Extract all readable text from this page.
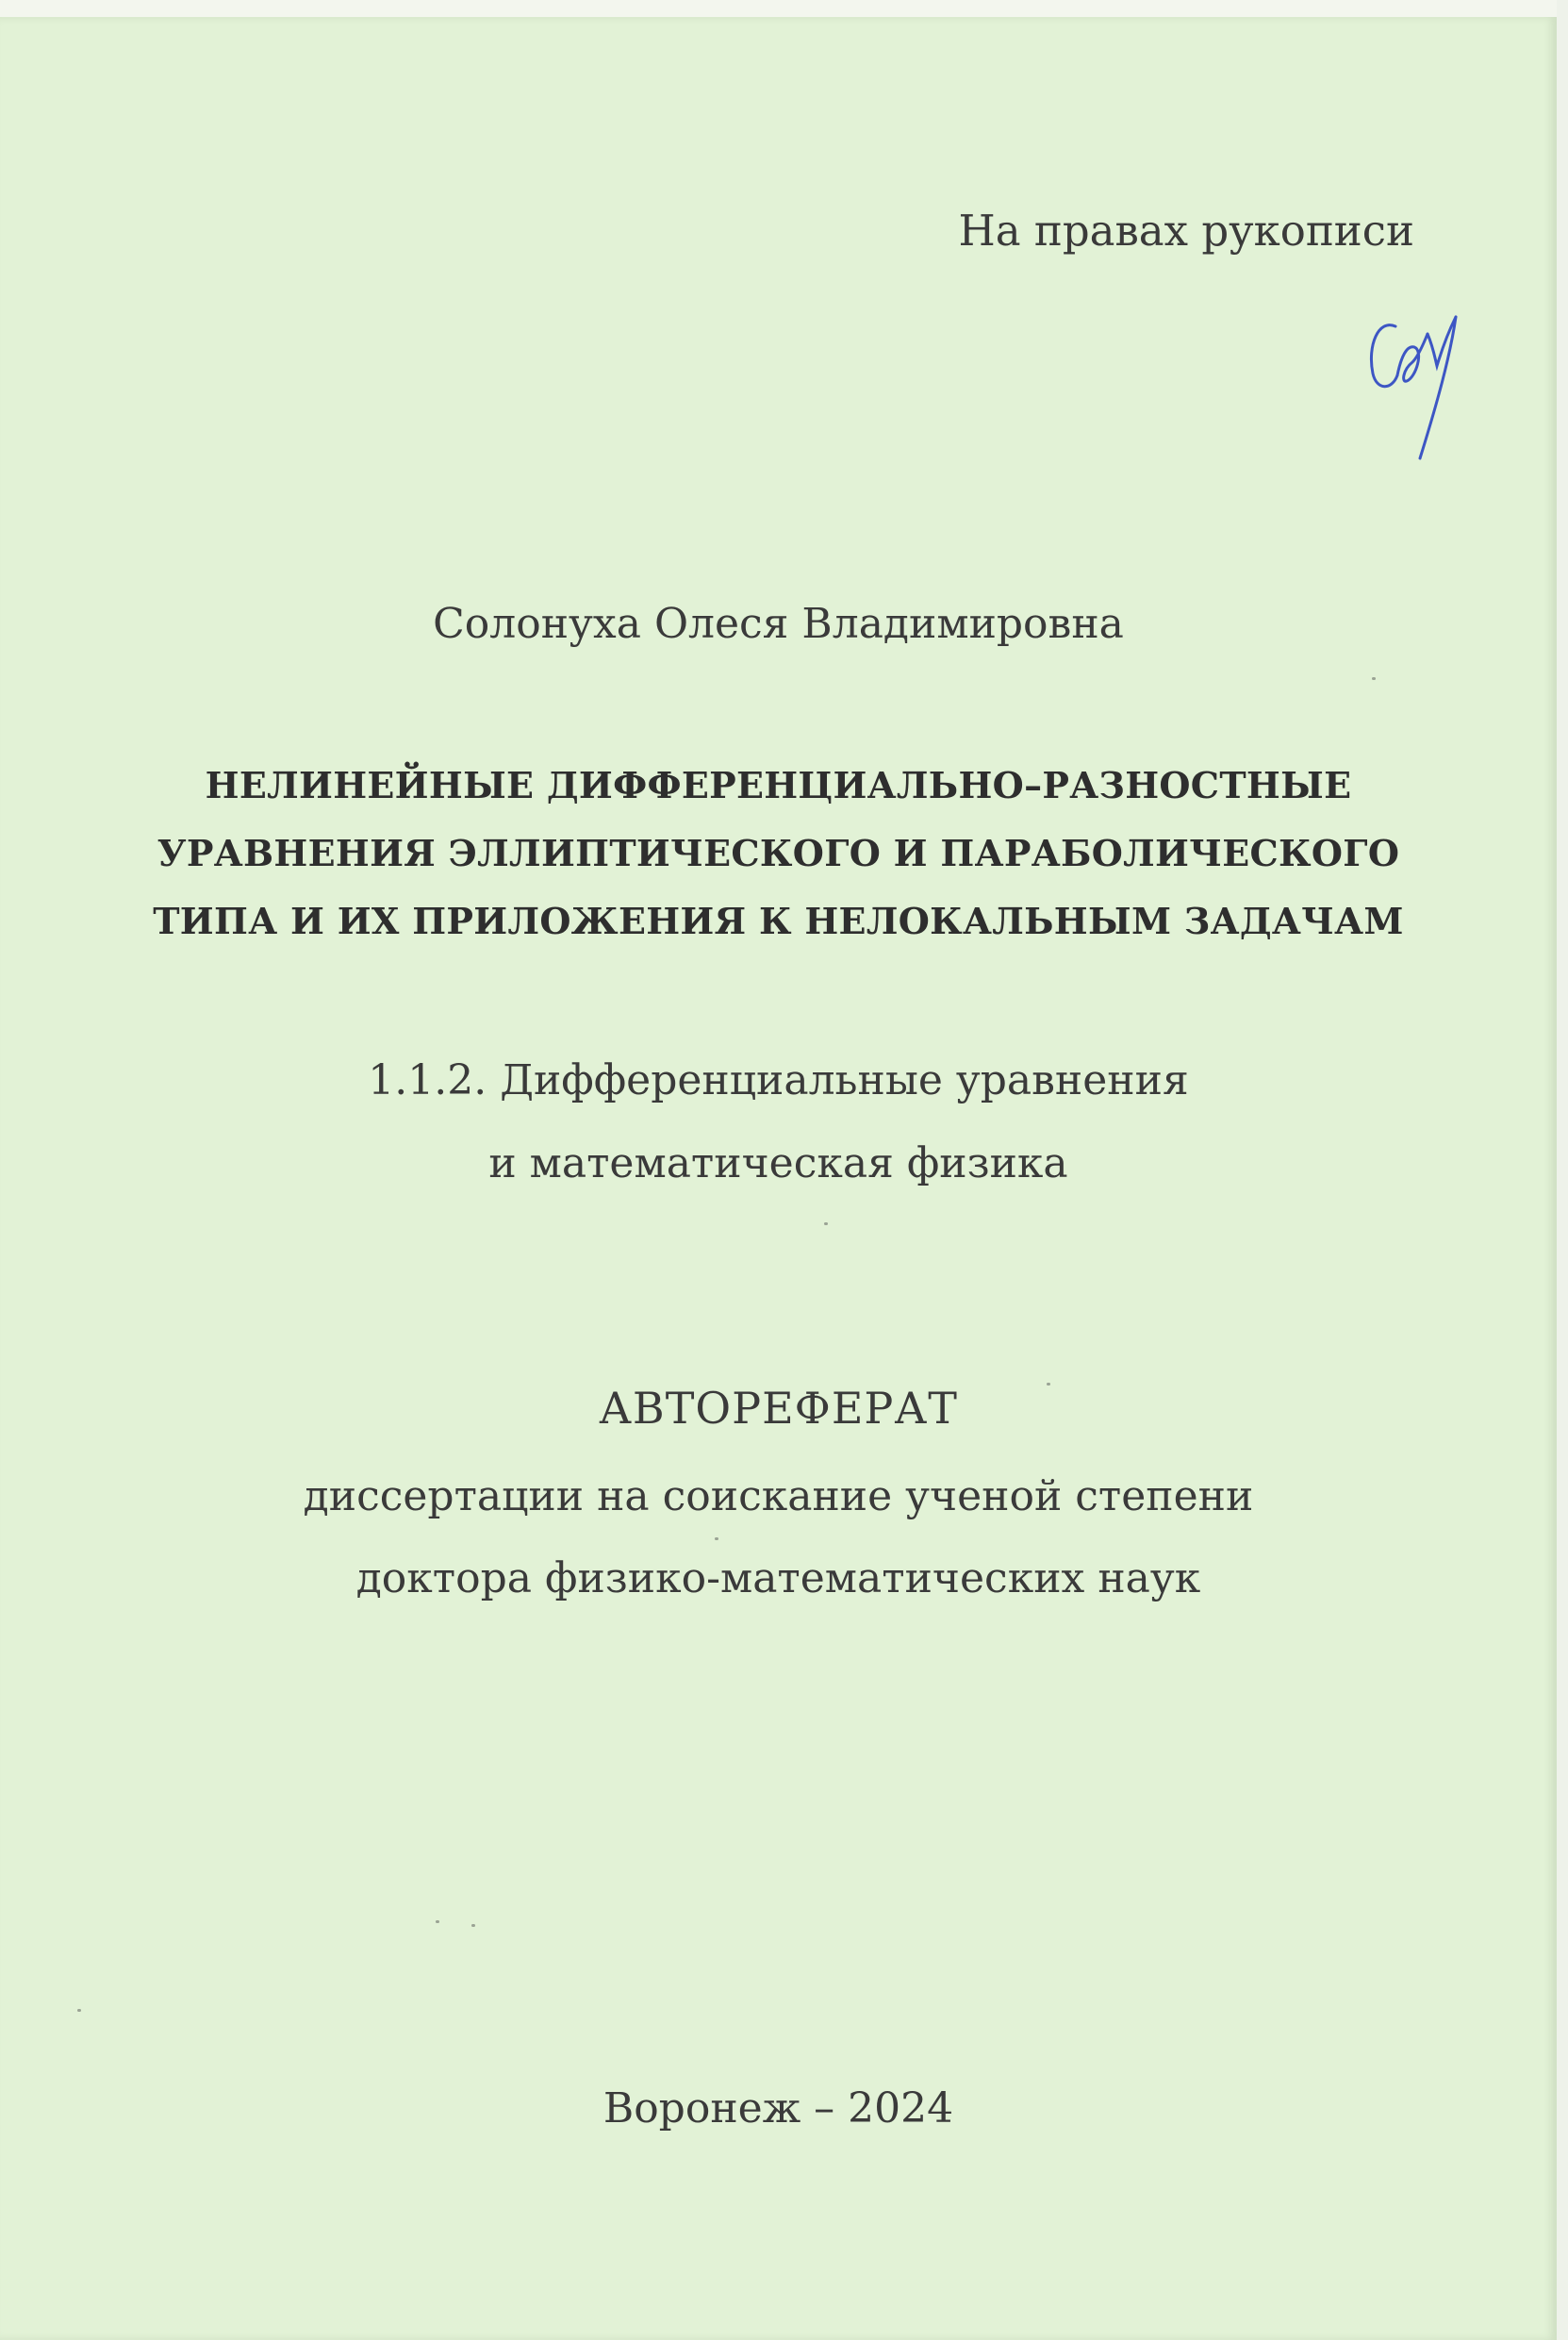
На правах рукописи
Солонуха Олеся Владимировна
НЕЛИНЕЙНЫЕ ДИФФЕРЕНЦИАЛЬНО–РАЗНОСТНЫЕ
УРАВНЕНИЯ ЭЛЛИПТИЧЕСКОГО И ПАРАБОЛИЧЕСКОГО
ТИПА И ИХ ПРИЛОЖЕНИЯ К НЕЛОКАЛЬНЫМ ЗАДАЧАМ
1.1.2. Дифференциальные уравнения
и математическая физика
АВТОРЕФЕРАТ
диссертации на соискание ученой степени
доктора физико-математических наук
Воронеж – 2024
